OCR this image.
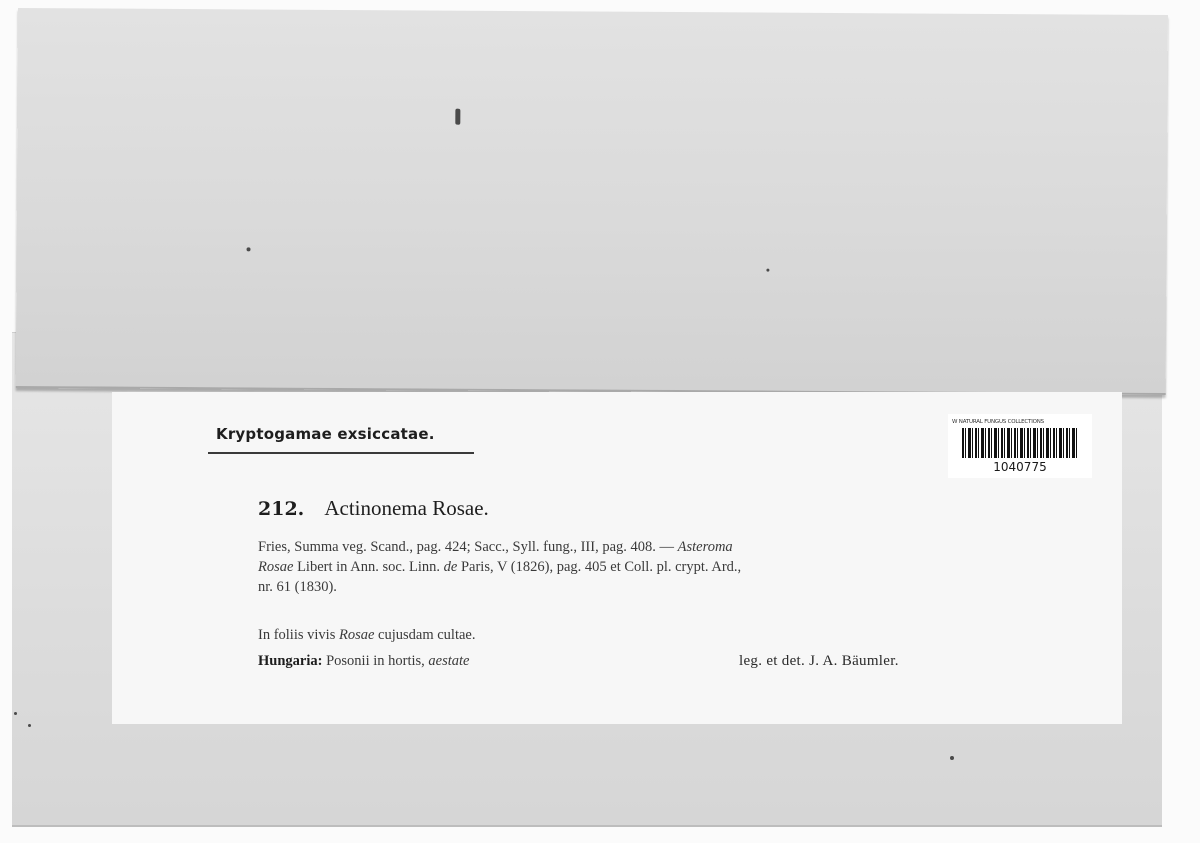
Kryptogamae exsiccatae.
W NATURAL FUNGUS COLLECTIONS
1040775
212. Actinonema Rosae.
Fries, Summa veg. Scand., pag. 424; Sacc., Syll. fung., III, pag. 408. — Asteroma
Rosae Libert in Ann. soc. Linn. de Paris, V (1826), pag. 405 et Coll. pl. crypt. Ard.,
nr. 61 (1830).
In foliis vivis Rosae cujusdam cultae.
Hungaria: Posonii in hortis, aestate	leg. et det. J. A. Bäumler.
